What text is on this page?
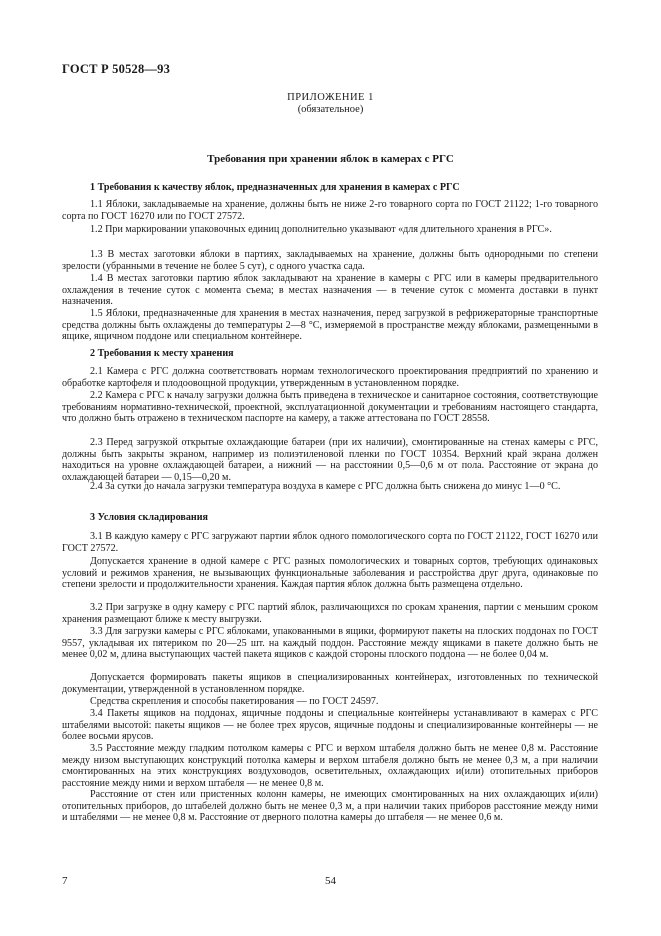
ГОСТ Р 50528—93
ПРИЛОЖЕНИЕ 1
(обязательное)
Требования при хранении яблок в камерах с РГС
1 Требования к качеству яблок, предназначенных для хранения в камерах с РГС
1.1 Яблоки, закладываемые на хранение, должны быть не ниже 2-го товарного сорта по ГОСТ 21122; 1-го товарного сорта по ГОСТ 16270 или по ГОСТ 27572.
1.2 При маркировании упаковочных единиц дополнительно указывают «для длительного хранения в РГС».
1.3 В местах заготовки яблоки в партиях, закладываемых на хранение, должны быть однородными по степени зрелости (убранными в течение не более 5 сут), с одного участка сада.
1.4 В местах заготовки партию яблок закладывают на хранение в камеры с РГС или в камеры предварительного охлаждения в течение суток с момента съема; в местах назначения — в течение суток с момента доставки в пункт назначения.
1.5 Яблоки, предназначенные для хранения в местах назначения, перед загрузкой в рефрижераторные транспортные средства должны быть охлаждены до температуры 2—8 °С, измеряемой в пространстве между яблоками, размещенными в ящике, ящичном поддоне или специальном контейнере.
2 Требования к месту хранения
2.1 Камера с РГС должна соответствовать нормам технологического проектирования предприятий по хранению и обработке картофеля и плодоовощной продукции, утвержденным в установленном порядке.
2.2 Камера с РГС к началу загрузки должна быть приведена в техническое и санитарное состояния, соответствующие требованиям нормативно-технической, проектной, эксплуатационной документации и требованиям настоящего стандарта, что должно быть отражено в техническом паспорте на камеру, а также аттестована по ГОСТ 28558.
2.3 Перед загрузкой открытые охлаждающие батареи (при их наличии), смонтированные на стенах камеры с РГС, должны быть закрыты экраном, например из полиэтиленовой пленки по ГОСТ 10354. Верхний край экрана должен находиться на уровне охлаждающей батареи, а нижний — на расстоянии 0,5—0,6 м от пола. Расстояние от экрана до охлаждающей батареи — 0,15—0,20 м.
2.4 За сутки до начала загрузки температура воздуха в камере с РГС должна быть снижена до минус 1—0 °С.
3 Условия складирования
3.1 В каждую камеру с РГС загружают партии яблок одного помологического сорта по ГОСТ 21122, ГОСТ 16270 или ГОСТ 27572.
Допускается хранение в одной камере с РГС разных помологических и товарных сортов, требующих одинаковых условий и режимов хранения, не вызывающих функциональные заболевания и расстройства друг друга, одинаковые по степени зрелости и продолжительности хранения. Каждая партия яблок должна быть размещена отдельно.
3.2 При загрузке в одну камеру с РГС партий яблок, различающихся по срокам хранения, партии с меньшим сроком хранения размещают ближе к месту выгрузки.
3.3 Для загрузки камеры с РГС яблоками, упакованными в ящики, формируют пакеты на плоских поддонах по ГОСТ 9557, укладывая их пятериком по 20—25 шт. на каждый поддон. Расстояние между ящиками в пакете должно быть не менее 0,02 м, длина выступающих частей пакета ящиков с каждой стороны плоского поддона — не более 0,04 м.
Допускается формировать пакеты ящиков в специализированных контейнерах, изготовленных по технической документации, утвержденной в установленном порядке.
Средства скрепления и способы пакетирования — по ГОСТ 24597.
3.4 Пакеты ящиков на поддонах, ящичные поддоны и специальные контейнеры устанавливают в камерах с РГС штабелями высотой: пакеты ящиков — не более трех ярусов, ящичные поддоны и специализированные контейнеры — не более восьми ярусов.
3.5 Расстояние между гладким потолком камеры с РГС и верхом штабеля должно быть не менее 0,8 м. Расстояние между низом выступающих конструкций потолка камеры и верхом штабеля должно быть не менее 0,3 м, а при наличии смонтированных на этих конструкциях воздуховодов, осветительных, охлаждающих и(или) отопительных приборов расстояние между ними и верхом штабеля — не менее 0,8 м.
Расстояние от стен или пристенных колонн камеры, не имеющих смонтированных на них охлаждающих и(или) отопительных приборов, до штабелей должно быть не менее 0,3 м, а при наличии таких приборов расстояние между ними и штабелями — не менее 0,8 м. Расстояние от дверного полотна камеры до штабеля — не менее 0,6 м.
7	54
